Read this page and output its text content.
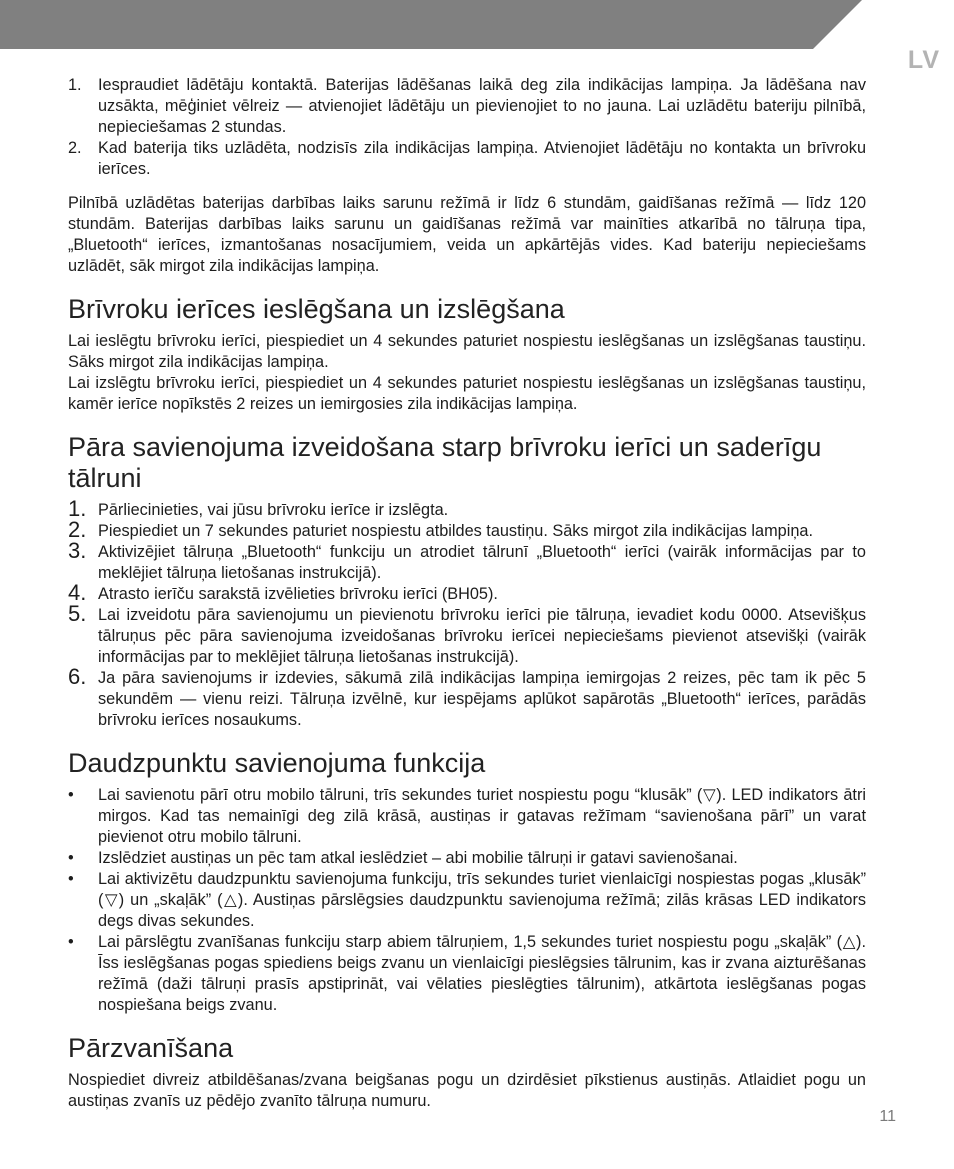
LV
1. Iespraudiet lādētāju kontaktā. Baterijas lādēšanas laikā deg zila indikācijas lampiņa. Ja lādēšana nav uzsākta, mēģiniet vēlreiz — atvienojiet lādētāju un pievienojiet to no jauna. Lai uzlādētu bateriju pilnībā, nepieciešamas 2 stundas.
2. Kad baterija tiks uzlādēta, nodzisīs zila indikācijas lampiņa. Atvienojiet lādētāju no kontakta un brīvroku ierīces.

Pilnībā uzlādētas baterijas darbības laiks sarunu režīmā ir līdz 6 stundām, gaidīšanas režīmā — līdz 120 stundām. Baterijas darbības laiks sarunu un gaidīšanas režīmā var mainīties atkarībā no tālruņa tipa, „Bluetooth“ ierīces, izmantošanas nosacījumiem, veida un apkārtējās vides. Kad bateriju nepieciešams uzlādēt, sāk mirgot zila indikācijas lampiņa.

Brīvroku ierīces ieslēgšana un izslēgšana

Lai ieslēgtu brīvroku ierīci, piespiediet un 4 sekundes paturiet nospiestu ieslēgšanas un izslēgšanas taustiņu. Sāks mirgot zila indikācijas lampiņa.

Lai izslēgtu brīvroku ierīci, piespiediet un 4 sekundes paturiet nospiestu ieslēgšanas un izslēgšanas taustiņu, kamēr ierīce nopīkstēs 2 reizes un iemirgosies zila indikācijas lampiņa.

Pāra savienojuma izveidošana starp brīvroku ierīci un saderīgu tālruni
1. Pārliecinieties, vai jūsu brīvroku ierīce ir izslēgta.
2. Piespiediet un 7 sekundes paturiet nospiestu atbildes taustiņu. Sāks mirgot zila indikācijas lampiņa.
3. Aktivizējiet tālruņa „Bluetooth“ funkciju un atrodiet tālrunī „Bluetooth“ ierīci (vairāk informācijas par to meklējiet tālruņa lietošanas instrukcijā).
4. Atrasto ierīču sarakstā izvēlieties brīvroku ierīci (BH05).
5. Lai izveidotu pāra savienojumu un pievienotu brīvroku ierīci pie tālruņa, ievadiet kodu 0000. Atsevišķus tālruņus pēc pāra savienojuma izveidošanas brīvroku ierīcei nepieciešams pievienot atsevišķi (vairāk informācijas par to meklējiet tālruņa lietošanas instrukcijā).
6. Ja pāra savienojums ir izdevies, sākumā zilā indikācijas lampiņa iemirgojas 2 reizes, pēc tam ik pēc 5 sekundēm — vienu reizi. Tālruņa izvēlnē, kur iespējams aplūkot sapārotās „Bluetooth“ ierīces, parādās brīvroku ierīces nosaukums.
Daudzpunktu savienojuma funkcija
• Lai savienotu pārī otru mobilo tālruni, trīs sekundes turiet nospiestu pogu “klusāk” (▽). LED indikators ātri mirgos. Kad tas nemainīgi deg zilā krāsā, austiņas ir gatavas režīmam “savienošana pārī” un varat pievienot otru mobilo tālruni.
• Izslēdziet austiņas un pēc tam atkal ieslēdziet – abi mobilie tālruņi ir gatavi savienošanai.
• Lai aktivizētu daudzpunktu savienojuma funkciju, trīs sekundes turiet vienlaicīgi nospiestas pogas „klusāk” (▽) un „skaļāk” (△). Austiņas pārslēgsies daudzpunktu savienojuma režīmā; zilās krāsas LED indikators degs divas sekundes.
• Lai pārslēgtu zvanīšanas funkciju starp abiem tālruņiem, 1,5 sekundes turiet nospiestu pogu „skaļāk” (△). Īss ieslēgšanas pogas spiediens beigs zvanu un vienlaicīgi pieslēgsies tālrunim, kas ir zvana aizturēšanas režīmā (daži tālruņi prasīs apstiprināt, vai vēlaties pieslēgties tālrunim), atkārtota ieslēgšanas pogas nospiešana beigs zvanu.
Pārzvanīšana

Nospiediet divreiz atbildēšanas/zvana beigšanas pogu un dzirdēsiet pīkstienus austiņās. Atlaidiet pogu un austiņas zvanīs uz pēdējo zvanīto tālruņa numuru.

11
